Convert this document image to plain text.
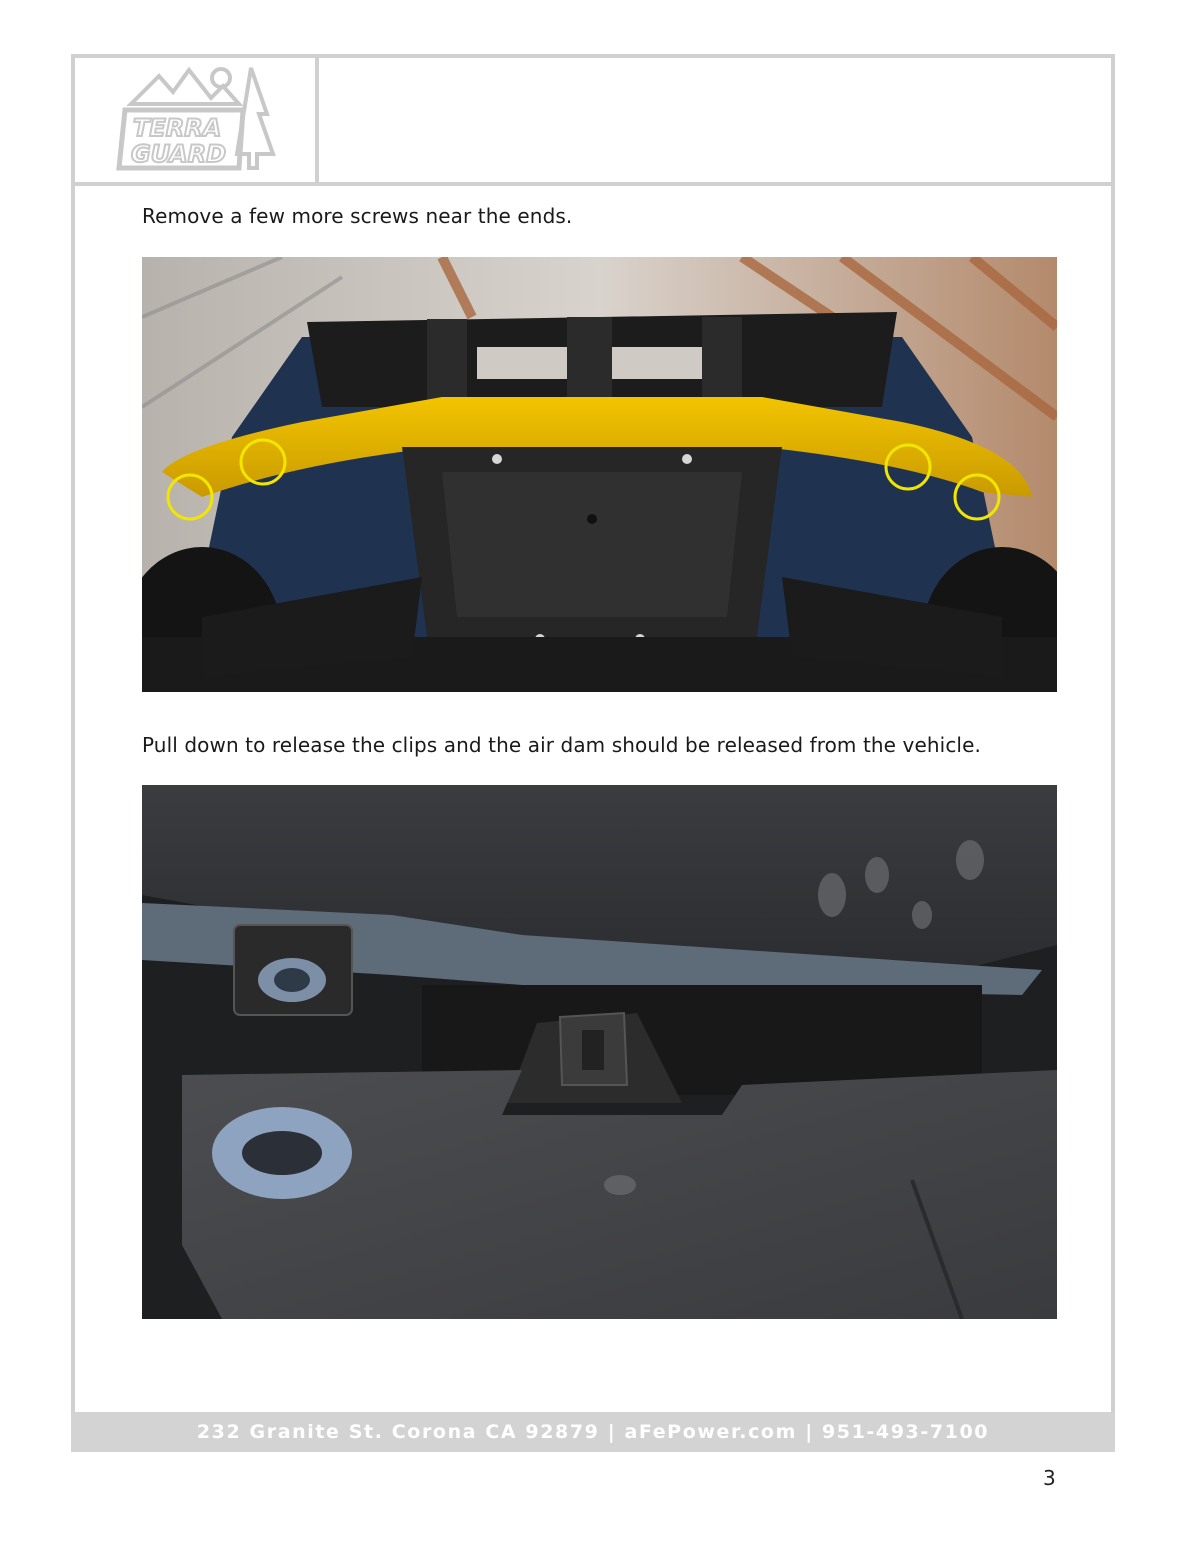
TERRA
GUARD
Remove a few more screws near the ends.
Pull down to release the clips and the air dam should be released from the vehicle.
232 Granite St. Corona CA 92879 | aFePower.com | 951-493-7100
3
